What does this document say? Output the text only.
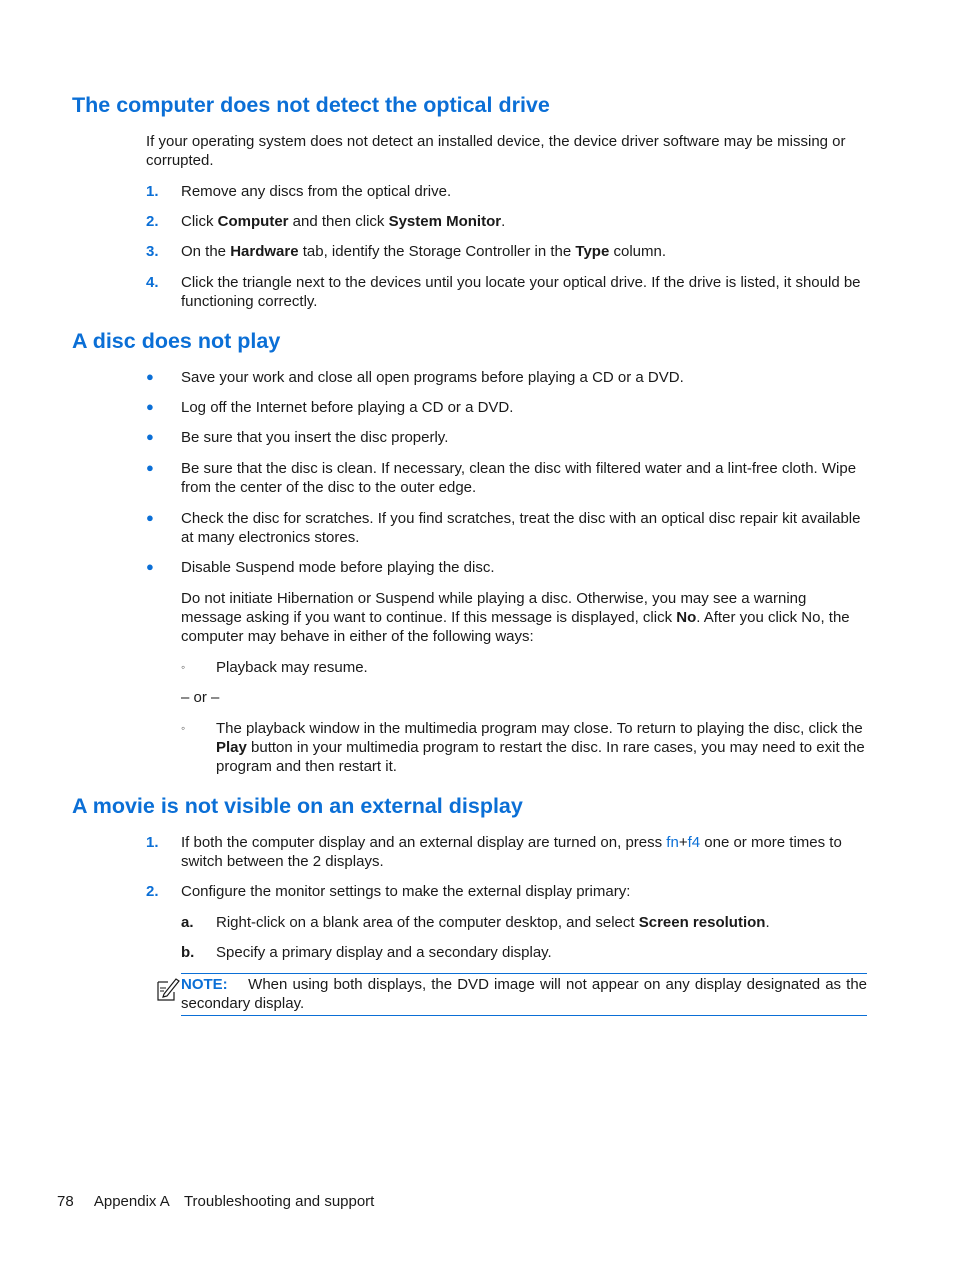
The computer does not detect the optical drive

If your operating system does not detect an installed device, the device driver software may be missing or corrupted.

1. Remove any discs from the optical drive.
2. Click Computer and then click System Monitor.
3. On the Hardware tab, identify the Storage Controller in the Type column.
4. Click the triangle next to the devices until you locate your optical drive. If the drive is listed, it should be functioning correctly.
A disc does not play
● Save your work and close all open programs before playing a CD or a DVD.
● Log off the Internet before playing a CD or a DVD.
● Be sure that you insert the disc properly.
● Be sure that the disc is clean. If necessary, clean the disc with filtered water and a lint-free cloth. Wipe from the center of the disc to the outer edge.
● Check the disc for scratches. If you find scratches, treat the disc with an optical disc repair kit available at many electronics stores.
● Disable Suspend mode before playing the disc.

Do not initiate Hibernation or Suspend while playing a disc. Otherwise, you may see a warning message asking if you want to continue. If this message is displayed, click No. After you click No, the computer may behave in either of the following ways:

◦ Playback may resume.

– or –

◦ The playback window in the multimedia program may close. To return to playing the disc, click the Play button in your multimedia program to restart the disc. In rare cases, you may need to exit the program and then restart it.
A movie is not visible on an external display
1. If both the computer display and an external display are turned on, press fn+f4 one or more times to switch between the 2 displays.
2. Configure the monitor settings to make the external display primary:
a. Right-click on a blank area of the computer desktop, and select Screen resolution.
b. Specify a primary display and a secondary display.
NOTE: When using both displays, the DVD image will not appear on any display designated as the secondary display.
78 Appendix A Troubleshooting and support
